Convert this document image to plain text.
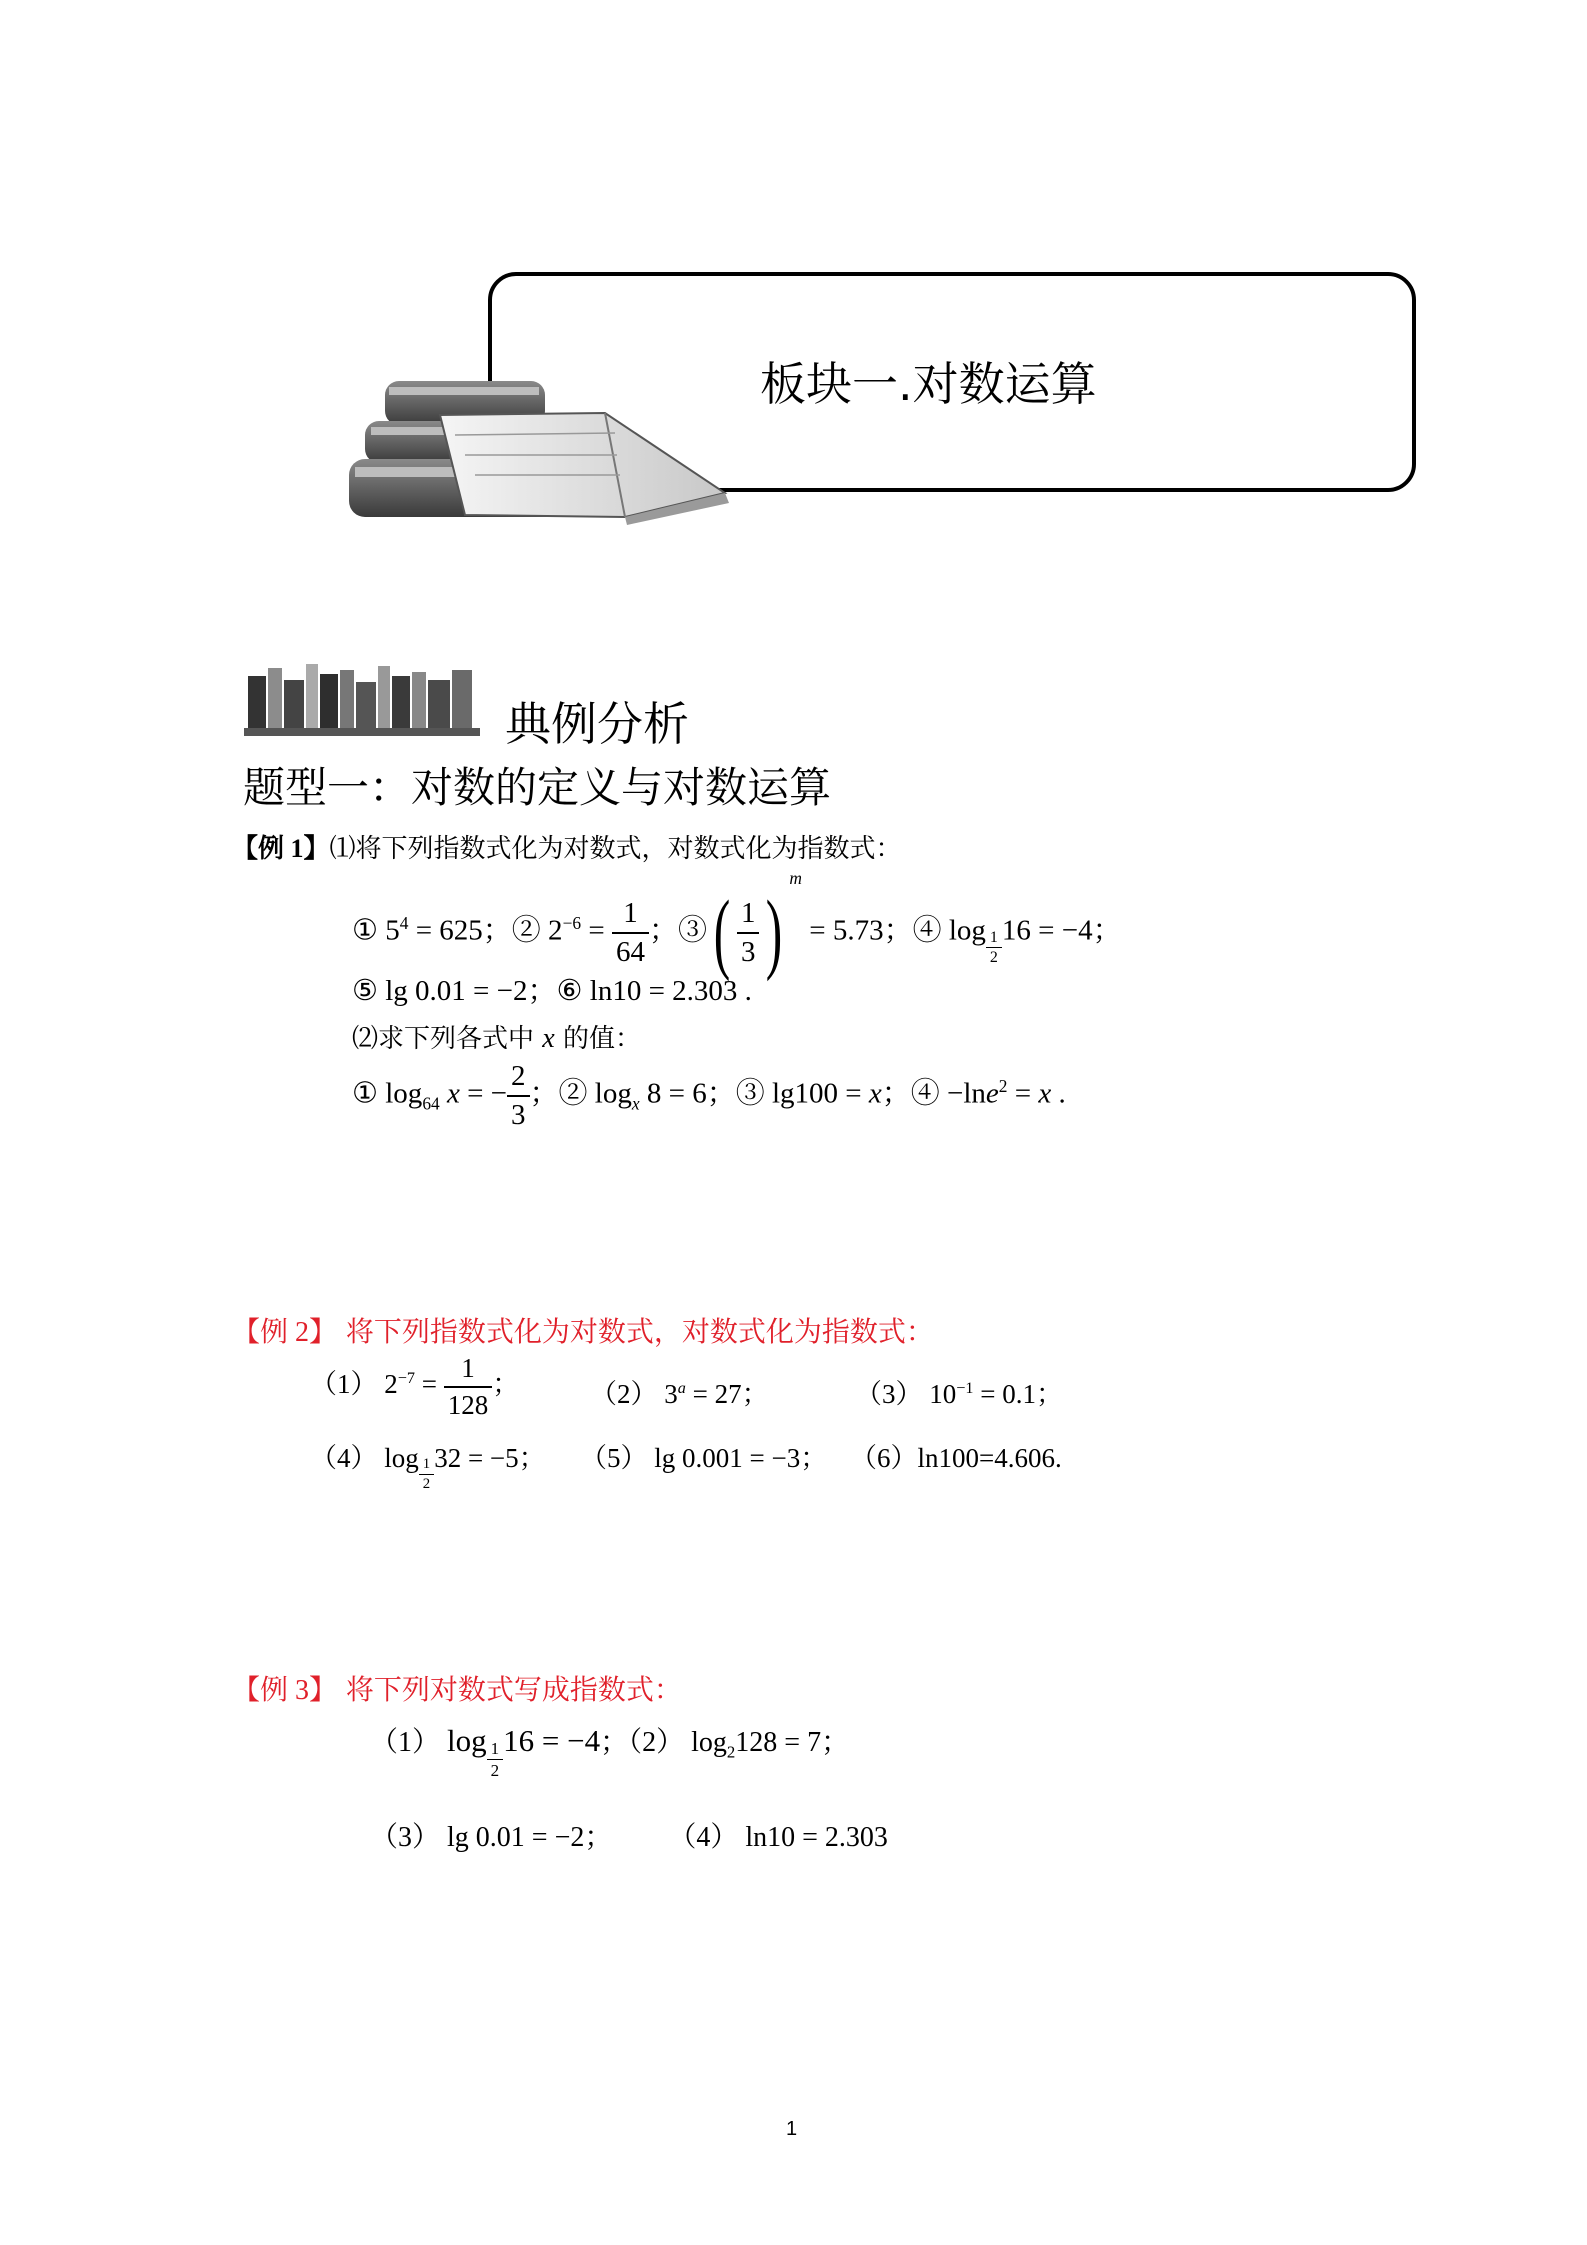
板块一.对数运算
典例分析
题型一：对数的定义与对数运算
【例 1】⑴将下列指数式化为对数式，对数式化为指数式：
① $5^4 = 625$；② $2^{-6} = \frac{1}{64}$ ；③( $\frac{1}{3} )^m = 5.73$；④ $\log \frac{1}{2} 16 = -4$；
⑤ lg 0.01 = −2；⑥ ln10 = 2.303 .
⑵求下列各式中 x 的值：
① $\log_{64} x$ = − $\frac{2}{3}$ ；② $\log_x 8 = 6$；③ lg100 = x；④ −lne$^2$ = x .
【例 2】 将下列指数式化为对数式，对数式化为指数式：
（1） $2^{-7} = \frac{1}{128}$ ；	（2） $3^a = 27$；	（3） $10^{-1} = 0.1$；
（4） $\log \frac{1}{2} 32 = -5$； （5） lg 0.001 = −3； （6）ln100=4.606.
【例 3】 将下列对数式写成指数式：
（1） $\log \frac{1}{2} 16 = -4$；（2） $\log_2128 = 7$；
（3） lg 0.01 = −2；        （4） ln10 = 2.303
1
